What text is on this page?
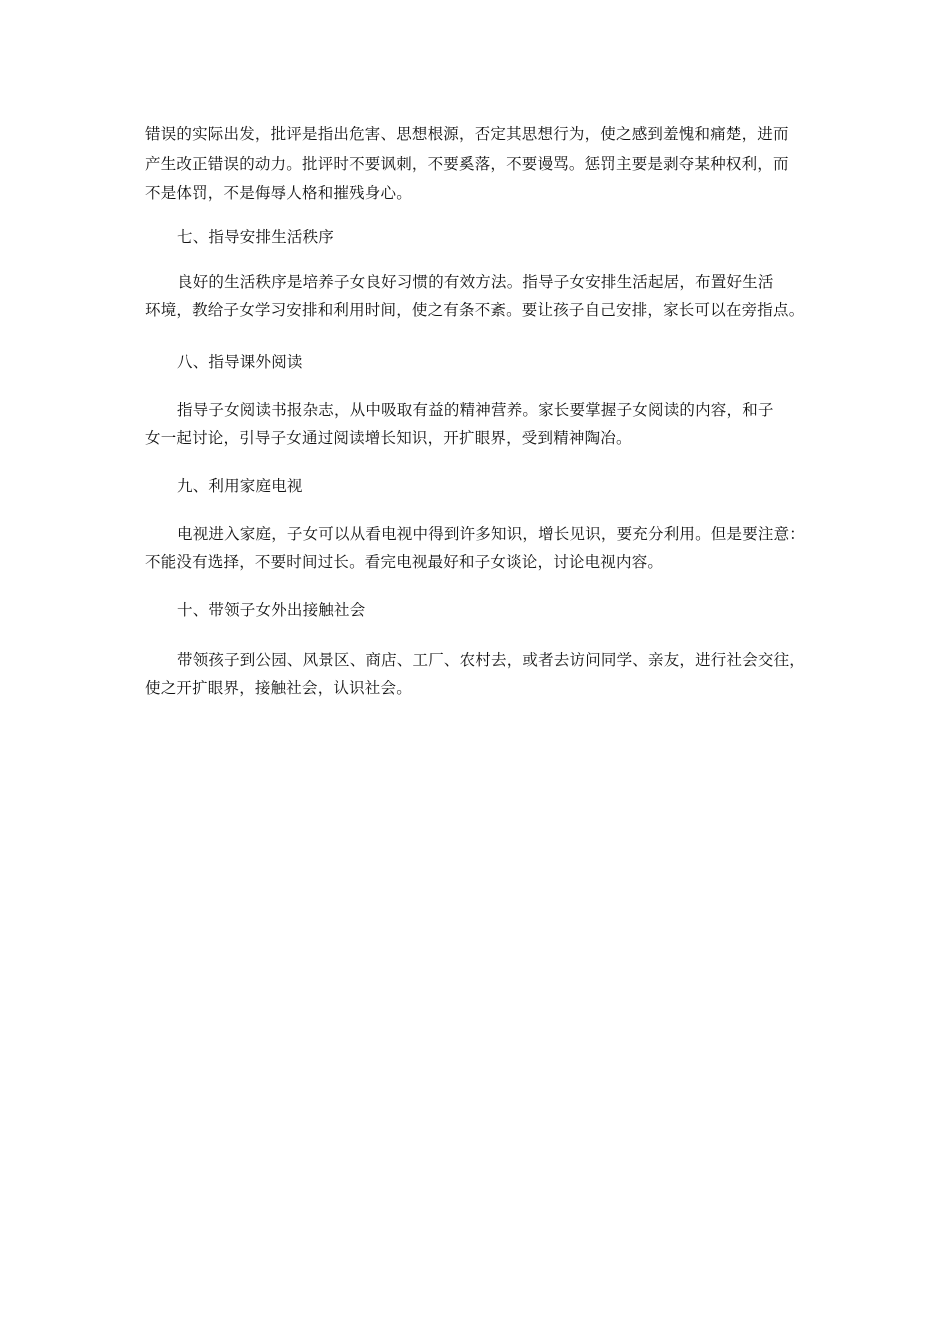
错误的实际出发，批评是指出危害、思想根源，否定其思想行为，使之感到羞愧和痛楚，进而
产生改正错误的动力。批评时不要讽刺，不要奚落，不要谩骂。惩罚主要是剥夺某种权利，而
不是体罚，不是侮辱人格和摧残身心。
七、指导安排生活秩序
良好的生活秩序是培养子女良好习惯的有效方法。指导子女安排生活起居，布置好生活
环境，教给子女学习安排和利用时间，使之有条不紊。要让孩子自己安排，家长可以在旁指点。
八、指导课外阅读
指导子女阅读书报杂志，从中吸取有益的精神营养。家长要掌握子女阅读的内容，和子
女一起讨论，引导子女通过阅读增长知识，开扩眼界，受到精神陶冶。
九、利用家庭电视
电视进入家庭，子女可以从看电视中得到许多知识，增长见识，要充分利用。但是要注意：
不能没有选择，不要时间过长。看完电视最好和子女谈论，讨论电视内容。
十、带领子女外出接触社会
带领孩子到公园、风景区、商店、工厂、农村去，或者去访问同学、亲友，进行社会交往，
使之开扩眼界，接触社会，认识社会。
